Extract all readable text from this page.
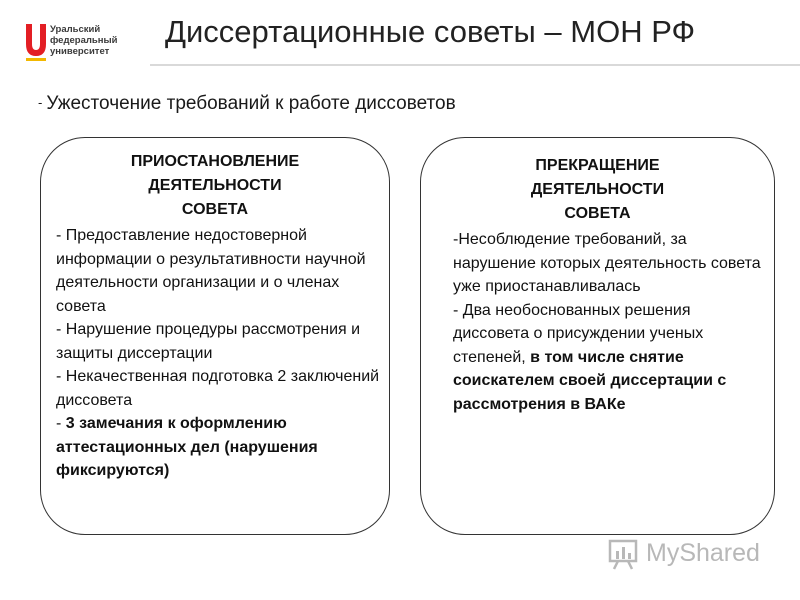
Уральский
федеральный
университет
Диссертационные советы – МОН РФ
- Ужесточение требований к работе диссоветов
ПРИОСТАНОВЛЕНИЕ
ДЕЯТЕЛЬНОСТИ
СОВЕТА

- Предоставление недостоверной информации о результативности научной деятельности организации и о членах совета

- Нарушение процедуры рассмотрения и защиты диссертации

- Некачественная подготовка 2 заключений диссовета

- 3 замечания к оформлению аттестационных дел (нарушения фиксируются)

ПРЕКРАЩЕНИЕ
ДЕЯТЕЛЬНОСТИ
СОВЕТА

-Несоблюдение требований, за нарушение которых деятельность совета уже приостанавливалась

- Два необоснованных решения диссовета о присуждении ученых степеней, в том числе снятие соискателем своей диссертации с рассмотрения в ВАКе

MyShared
